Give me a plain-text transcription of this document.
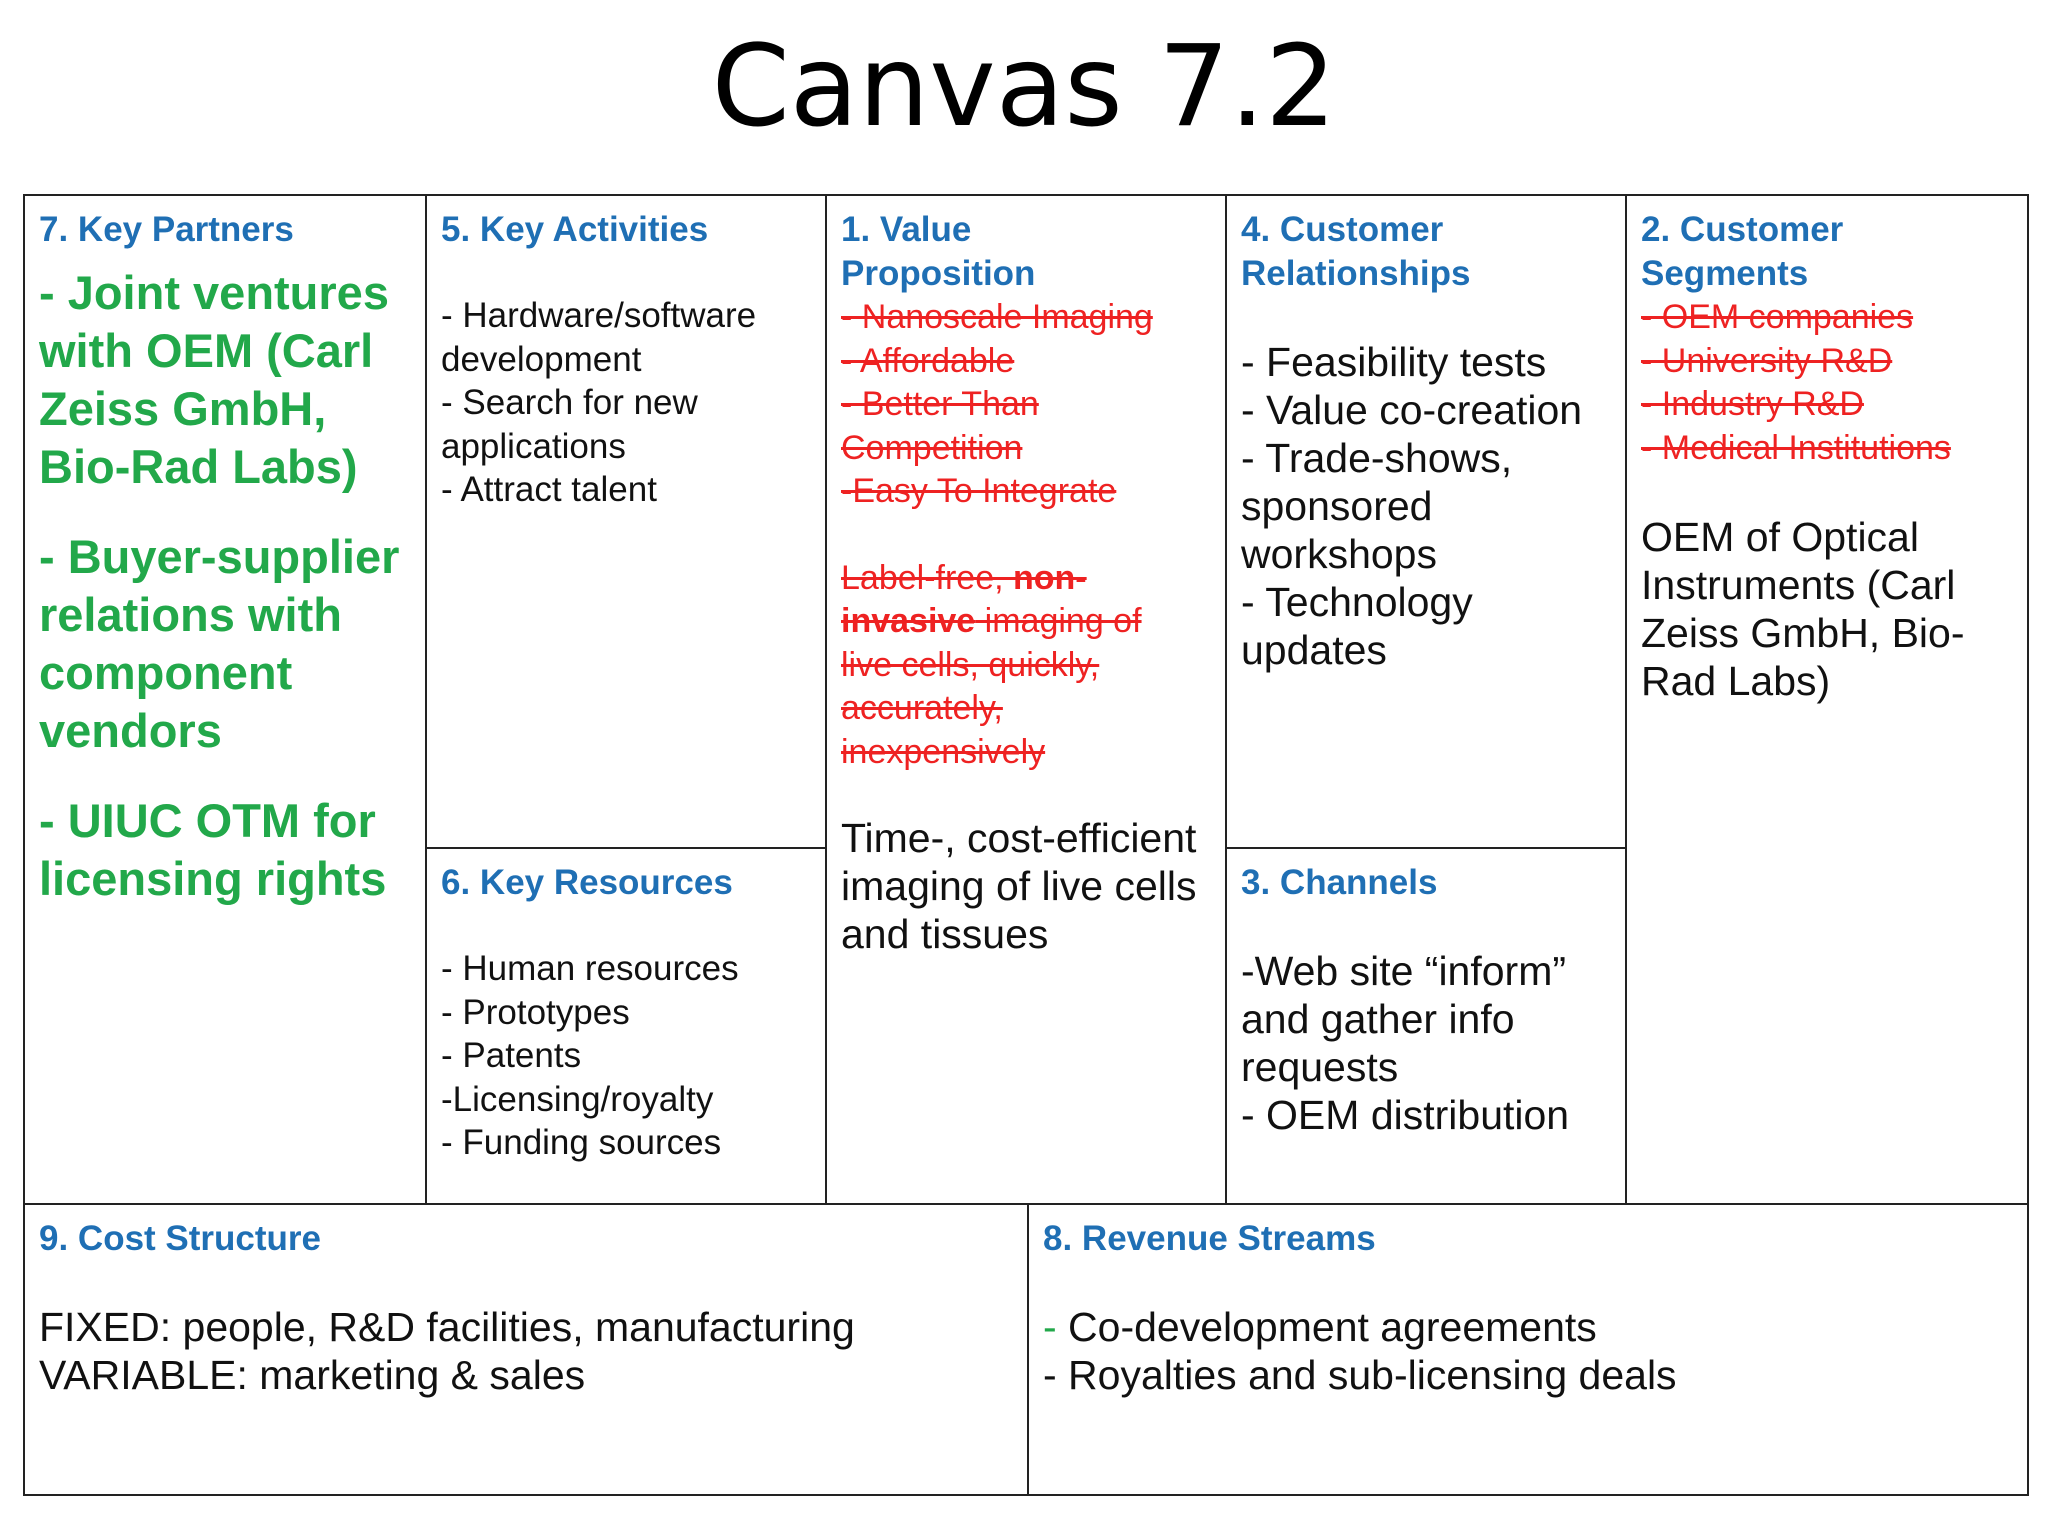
Canvas 7.2
7. Key Partners
- Joint ventures with OEM (Carl Zeiss GmbH, Bio-Rad Labs)
- Buyer-supplier relations with component vendors
- UIUC OTM for licensing rights
5. Key Activities
- Hardware/software development
- Search for new applications
- Attract talent
6. Key Resources
- Human resources
- Prototypes
- Patents
-Licensing/royalty
- Funding sources
1. Value Proposition
- Nanoscale Imaging
- Affordable
- Better Than Competition
-Easy To Integrate
Label-free, non-invasive imaging of live cells, quickly, accurately, inexpensively
Time-, cost-efficient imaging of live cells and tissues
4. Customer Relationships
- Feasibility tests
- Value co-creation
- Trade-shows, sponsored workshops
- Technology updates
3. Channels
-Web site “inform” and gather info requests
- OEM distribution
2. Customer Segments
- OEM companies
- University R&D
- Industry R&D
- Medical Institutions
OEM of Optical Instruments (Carl Zeiss GmbH, Bio-Rad Labs)
9. Cost Structure
FIXED: people, R&D facilities, manufacturing
VARIABLE: marketing & sales
8. Revenue Streams
- Co-development agreements
- Royalties and sub-licensing deals
